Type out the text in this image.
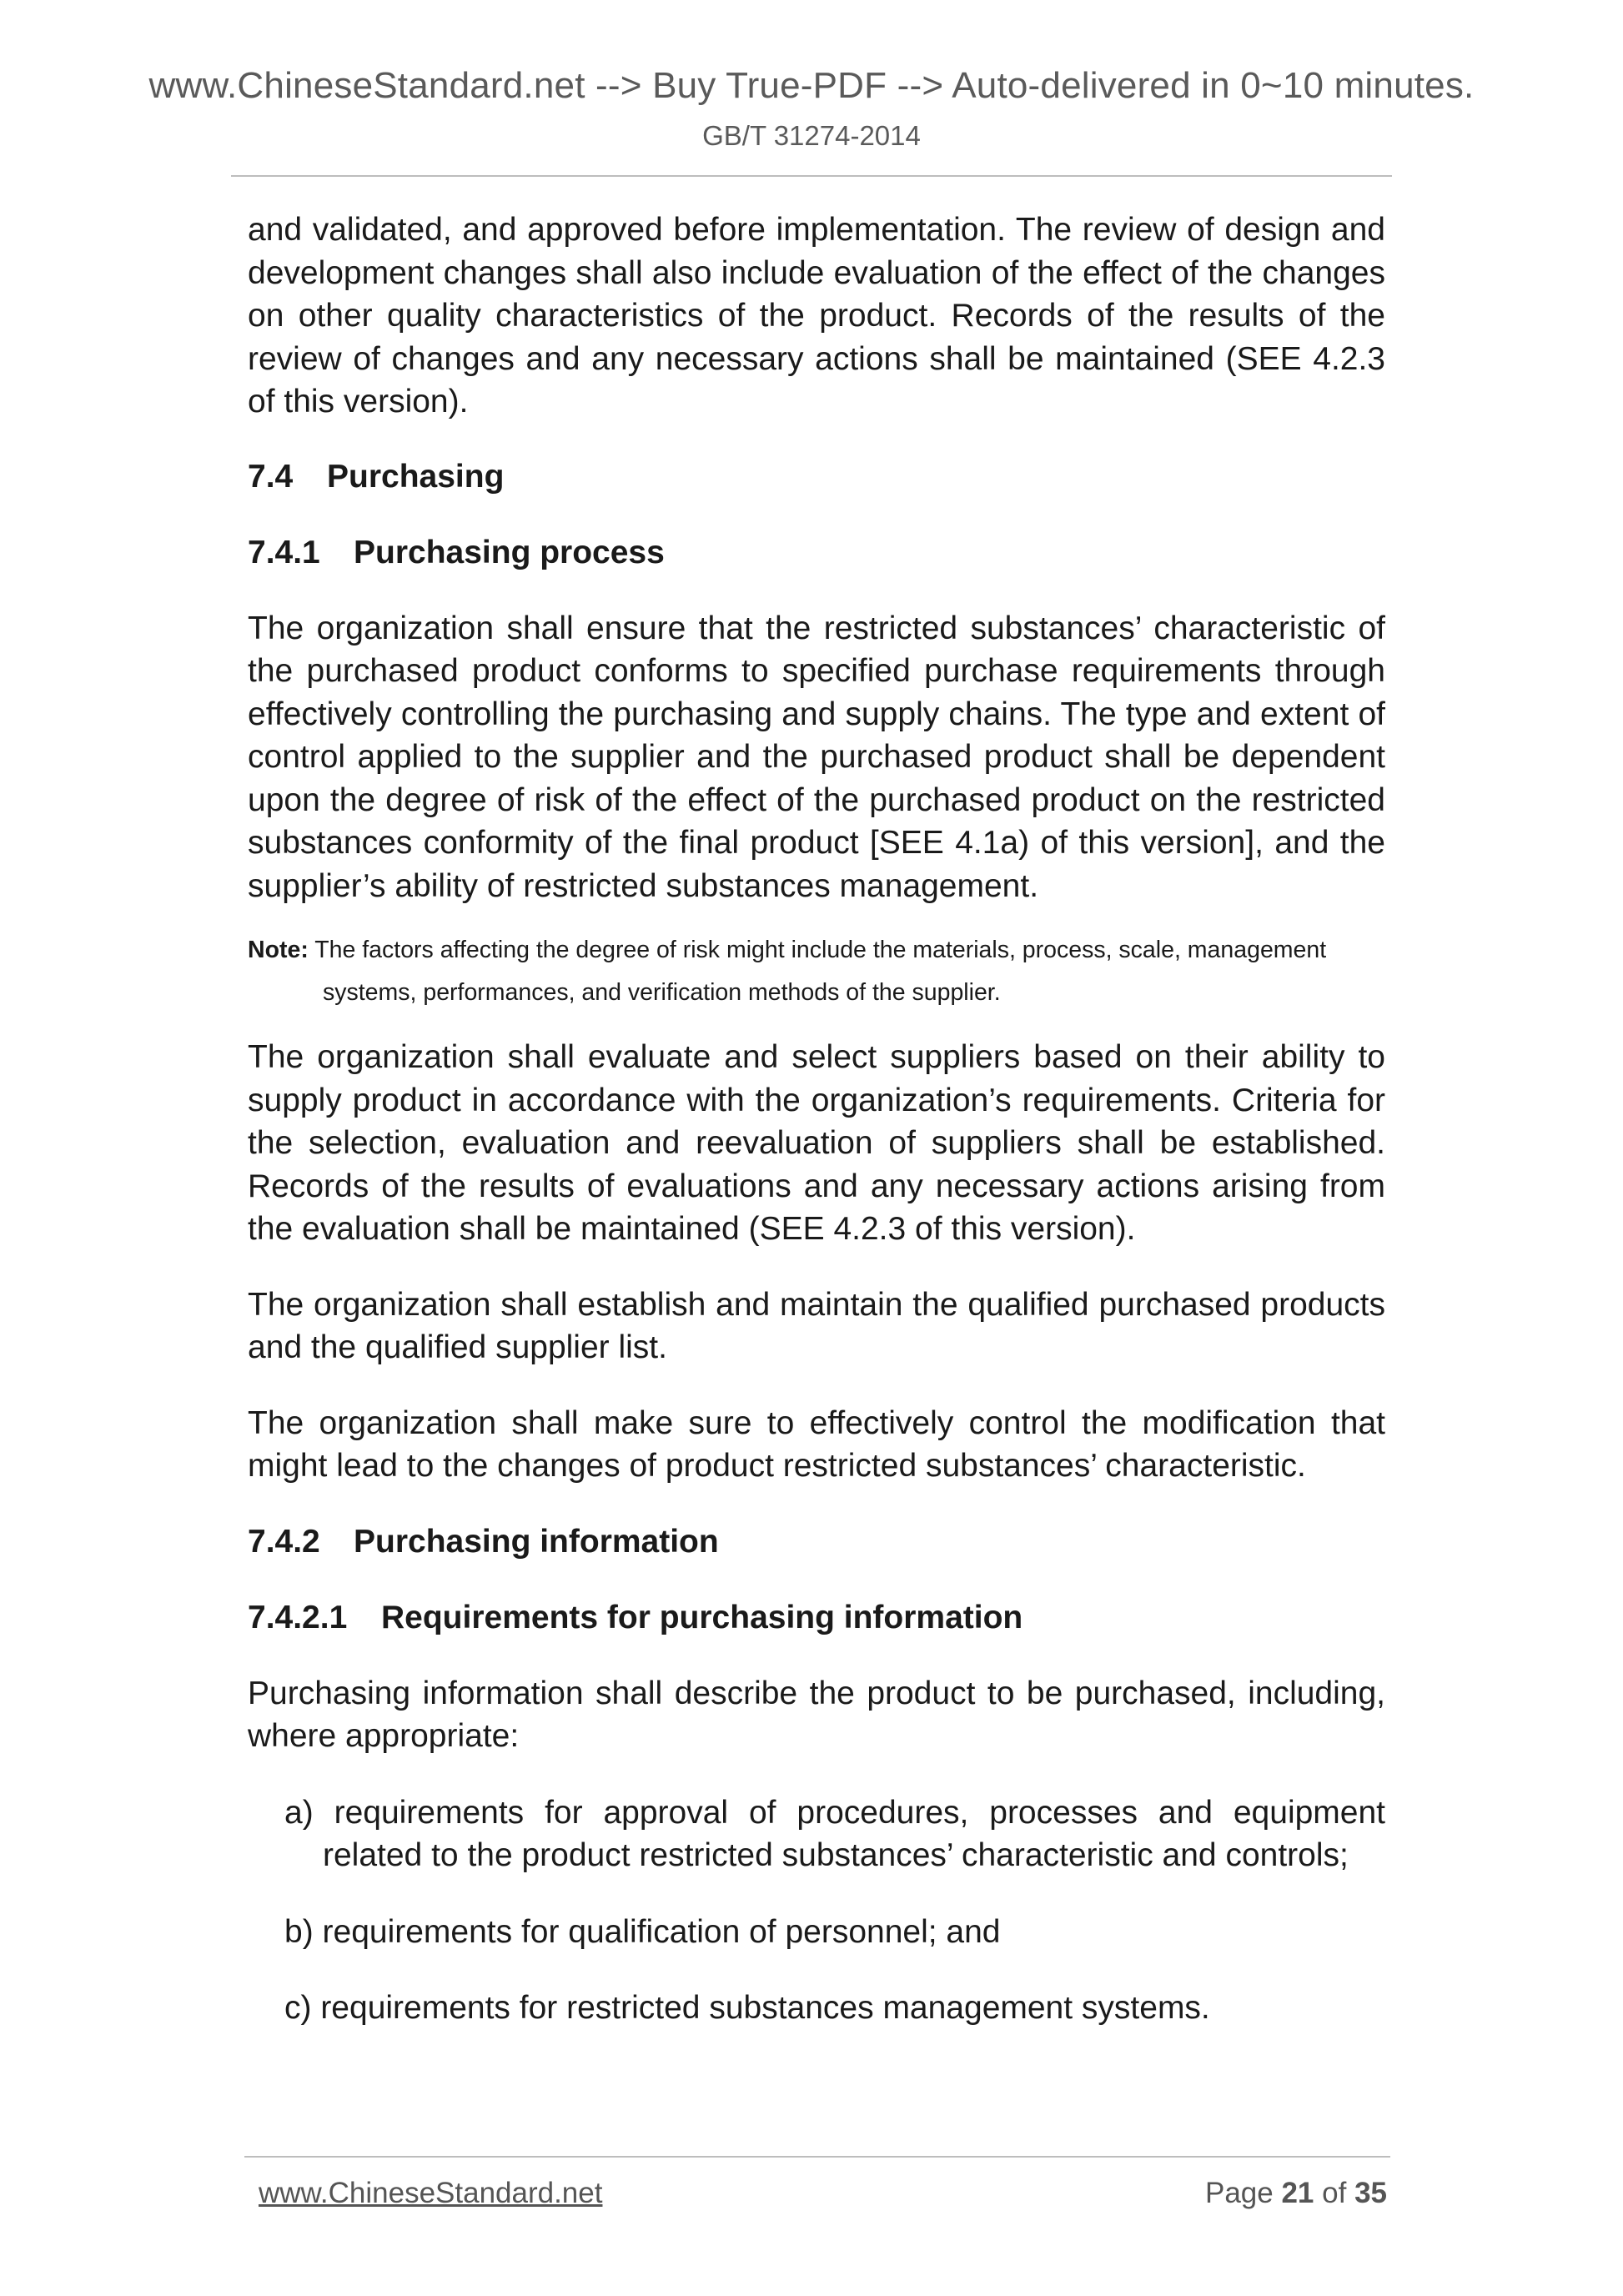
www.ChineseStandard.net --> Buy True-PDF --> Auto-delivered in 0~10 minutes.
GB/T 31274-2014

and validated, and approved before implementation. The review of design and development changes shall also include evaluation of the effect of the changes on other quality characteristics of the product. Records of the results of the review of changes and any necessary actions shall be maintained (SEE 4.2.3 of this version).

7.4 Purchasing
7.4.1 Purchasing process

The organization shall ensure that the restricted substances’ characteristic of the purchased product conforms to specified purchase requirements through effectively controlling the purchasing and supply chains. The type and extent of control applied to the supplier and the purchased product shall be dependent upon the degree of risk of the effect of the purchased product on the restricted substances conformity of the final product [SEE 4.1a) of this version], and the supplier’s ability of restricted substances management.

Note: The factors affecting the degree of risk might include the materials, process, scale, management
systems, performances, and verification methods of the supplier.

The organization shall evaluate and select suppliers based on their ability to supply product in accordance with the organization’s requirements. Criteria for the selection, evaluation and reevaluation of suppliers shall be established. Records of the results of evaluations and any necessary actions arising from the evaluation shall be maintained (SEE 4.2.3 of this version).

The organization shall establish and maintain the qualified purchased products and the qualified supplier list.

The organization shall make sure to effectively control the modification that might lead to the changes of product restricted substances’ characteristic.

7.4.2 Purchasing information
7.4.2.1 Requirements for purchasing information

Purchasing information shall describe the product to be purchased, including, where appropriate:

a) requirements for approval of procedures, processes and equipment related to the product restricted substances’ characteristic and controls;

b) requirements for qualification of personnel; and

c) requirements for restricted substances management systems.

www.ChineseStandard.net	Page 21 of 35
